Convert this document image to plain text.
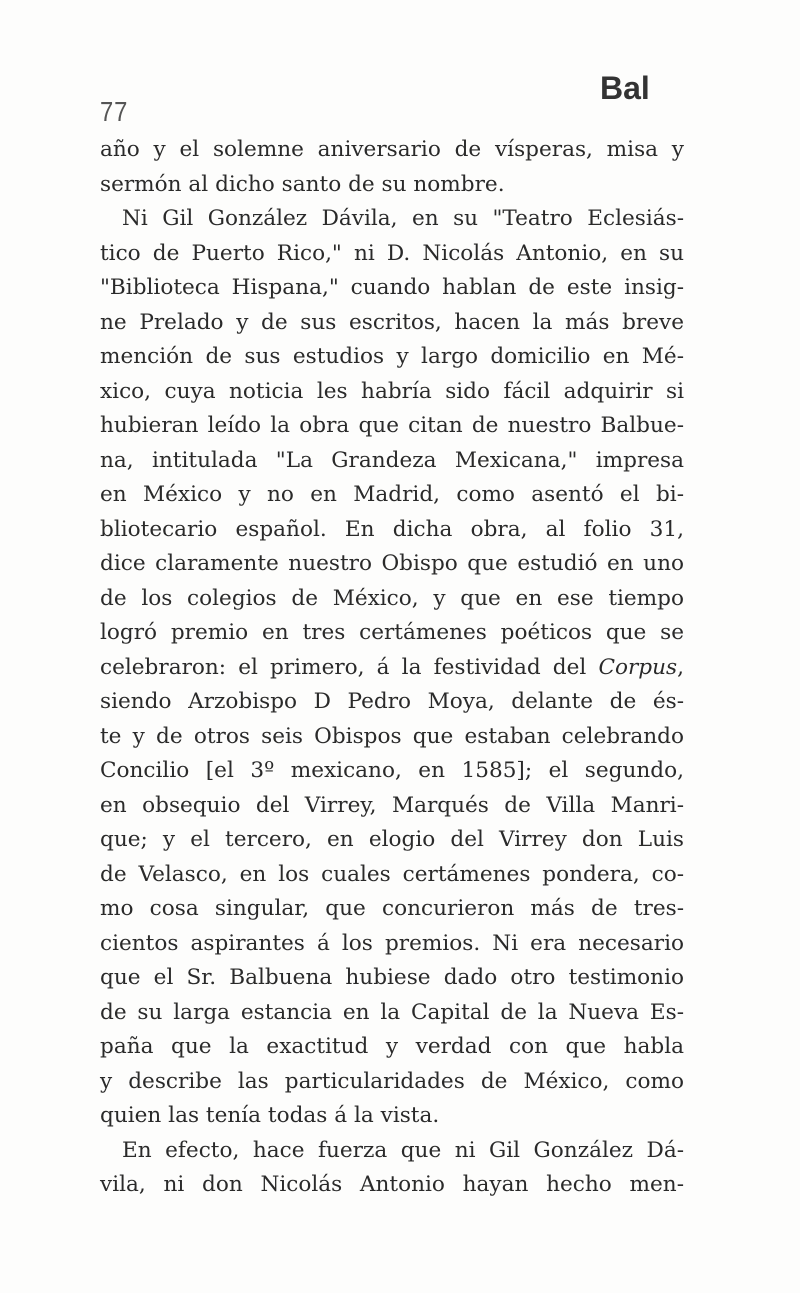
77
Bal
año y el solemne aniversario de vísperas, misa y
sermón al dicho santo de su nombre.
Ni Gil González Dávila, en su "Teatro Eclesiás-
tico de Puerto Rico," ni D. Nicolás Antonio, en su
"Biblioteca Hispana," cuando hablan de este insig-
ne Prelado y de sus escritos, hacen la más breve
mención de sus estudios y largo domicilio en Mé-
xico, cuya noticia les habría sido fácil adquirir si
hubieran leído la obra que citan de nuestro Balbue-
na, intitulada "La Grandeza Mexicana," impresa
en México y no en Madrid, como asentó el bi-
bliotecario español. En dicha obra, al folio 31,
dice claramente nuestro Obispo que estudió en uno
de los colegios de México, y que en ese tiempo
logró premio en tres certámenes poéticos que se
celebraron: el primero, á la festividad del Corpus,
siendo Arzobispo D Pedro Moya, delante de és-
te y de otros seis Obispos que estaban celebrando
Concilio [el 3º mexicano, en 1585]; el segundo,
en obsequio del Virrey, Marqués de Villa Manri-
que; y el tercero, en elogio del Virrey don Luis
de Velasco, en los cuales certámenes pondera, co-
mo cosa singular, que concurieron más de tres-
cientos aspirantes á los premios. Ni era necesario
que el Sr. Balbuena hubiese dado otro testimonio
de su larga estancia en la Capital de la Nueva Es-
paña que la exactitud y verdad con que habla
y describe las particularidades de México, como
quien las tenía todas á la vista.
En efecto, hace fuerza que ni Gil González Dá-
vila, ni don Nicolás Antonio hayan hecho men-
